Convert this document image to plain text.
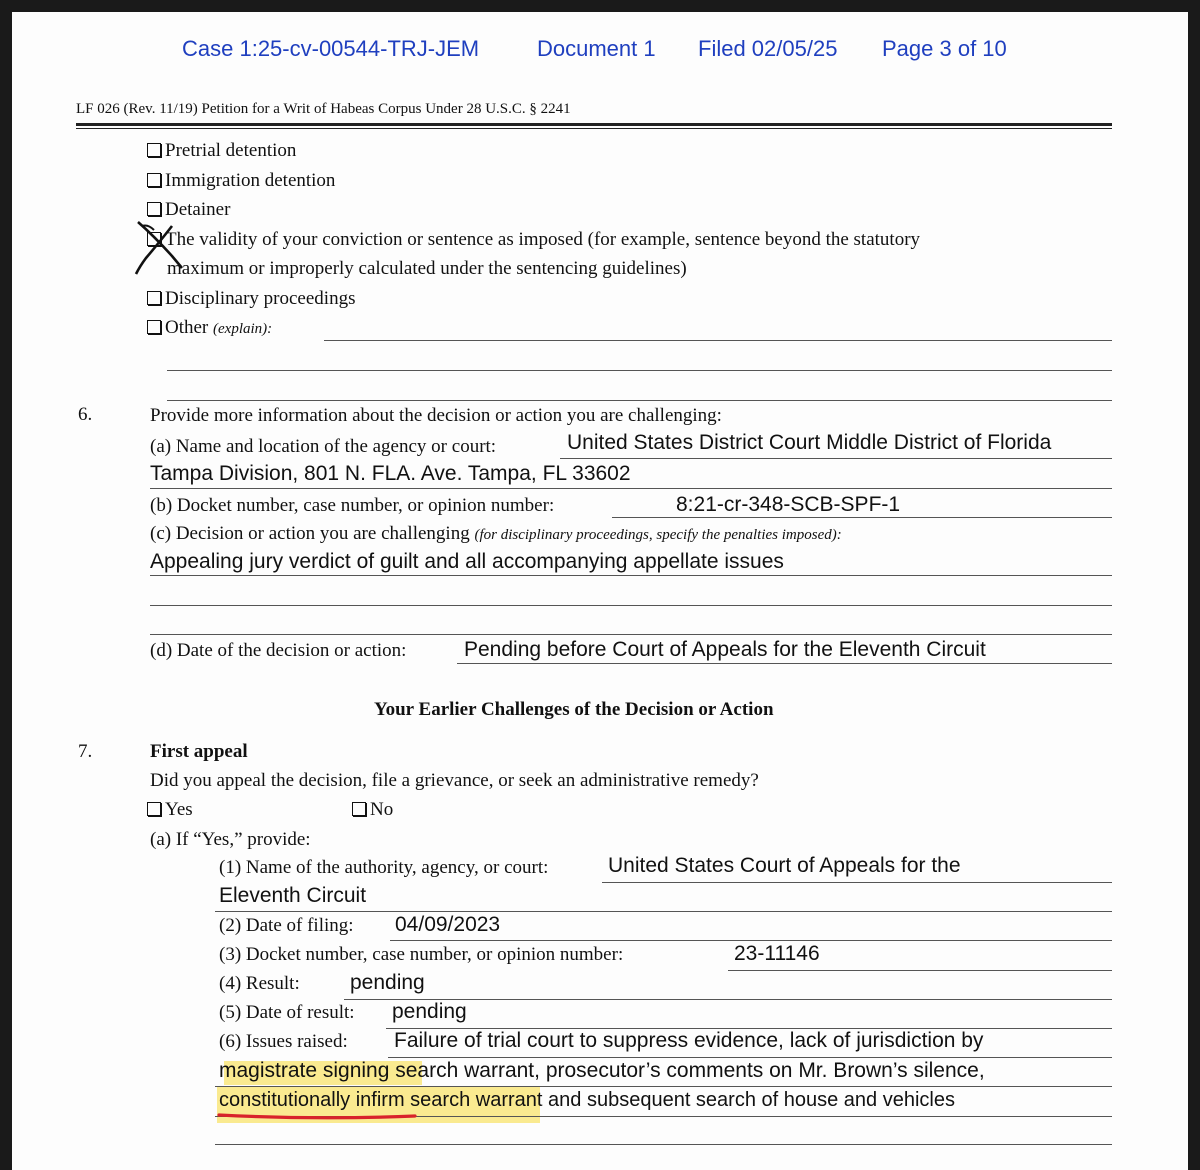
Case 1:25-cv-00544-TRJ-JEM	Document 1 Filed 02/05/25 Page 3 of 10
LF 026 (Rev. 11/19) Petition for a Writ of Habeas Corpus Under 28 U.S.C. § 2241
Pretrial detention
Immigration detention
Detainer
The validity of your conviction or sentence as imposed (for example, sentence beyond the statutory
maximum or improperly calculated under the sentencing guidelines)
Disciplinary proceedings
Other (explain):
6.	Provide more information about the decision or action you are challenging:
(a) Name and location of the agency or court:	United States District Court Middle District of Florida
Tampa Division, 801 N. FLA. Ave. Tampa, FL 33602
(b) Docket number, case number, or opinion number:	8:21-cr-348-SCB-SPF-1
(c) Decision or action you are challenging (for disciplinary proceedings, specify the penalties imposed):
Appealing jury verdict of guilt and all accompanying appellate issues
(d) Date of the decision or action:	Pending before Court of Appeals for the Eleventh Circuit
Your Earlier Challenges of the Decision or Action
7.	First appeal
Did you appeal the decision, file a grievance, or seek an administrative remedy?
Yes	No
(a) If “Yes,” provide:
(1) Name of the authority, agency, or court:	United States Court of Appeals for the
Eleventh Circuit
(2) Date of filing: 04/09/2023
(3) Docket number, case number, or opinion number:	23-11146
(4) Result: pending
(5) Date of result: pending
(6) Issues raised: Failure of trial court to suppress evidence, lack of jurisdiction by
magistrate signing search warrant, prosecutor’s comments on Mr. Brown’s silence,
constitutionally infirm search warrant and subsequent search of house and vehicles
